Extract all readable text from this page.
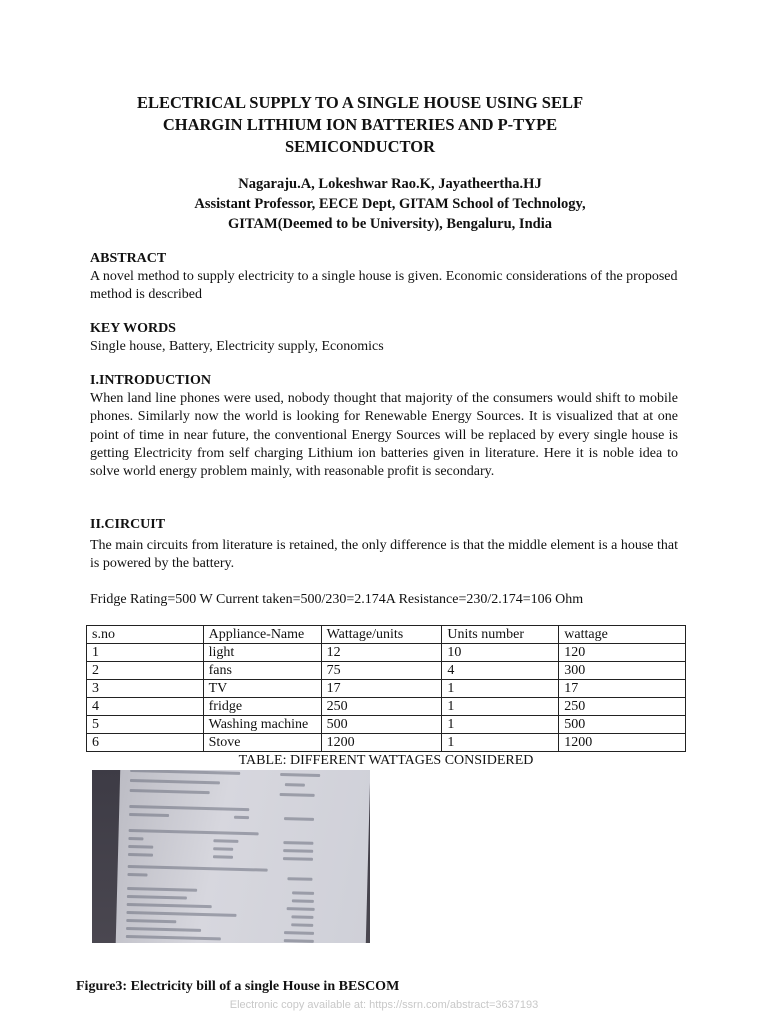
ELECTRICAL SUPPLY TO A SINGLE HOUSE USING SELF
CHARGIN LITHIUM ION BATTERIES AND P-TYPE
SEMICONDUCTOR
Nagaraju.A, Lokeshwar Rao.K, Jayatheertha.HJ
Assistant Professor, EECE Dept, GITAM School of Technology,
GITAM(Deemed to be University), Bengaluru, India
ABSTRACT
A novel method to supply electricity to a single house is given. Economic considerations of the proposed method is described
KEY WORDS
Single house, Battery, Electricity supply, Economics
I.INTRODUCTION
When land line phones were used, nobody thought that majority of the consumers would shift to mobile phones. Similarly now the world is looking for Renewable Energy Sources. It is visualized that at one point of time in near future, the conventional Energy Sources will be replaced by every single house is getting Electricity from self charging Lithium ion batteries given in literature. Here it is noble idea to solve world energy problem mainly, with reasonable profit is secondary.
II.CIRCUIT
The main circuits from literature is retained, the only difference is that the middle element is a house that is powered by the battery.
Fridge Rating=500 W Current taken=500/230=2.174A Resistance=230/2.174=106 Ohm
s.no	Appliance-Name	Wattage/units	Units number	wattage
1	light	12	10	120
2	fans	75	4	300
3	TV	17	1	17
4	fridge	250	1	250
5	Washing machine	500	1	500
6	Stove	1200	1	1200
TABLE: DIFFERENT WATTAGES CONSIDERED
Figure3: Electricity bill of a single House in BESCOM
Electronic copy available at: https://ssrn.com/abstract=3637193
